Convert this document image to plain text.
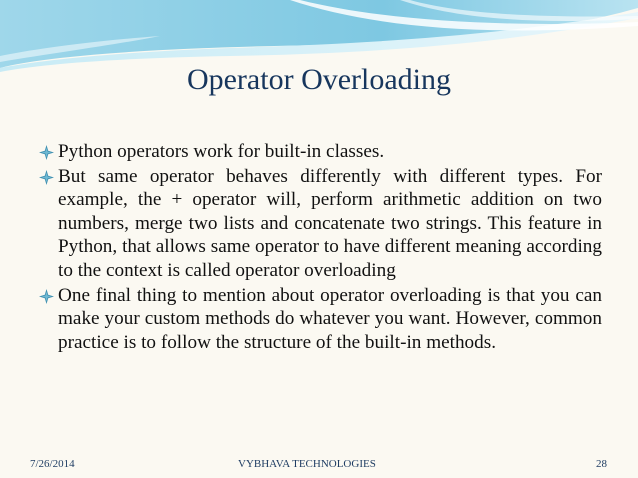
Operator Overloading
Python operators work for built-in classes.
But same operator behaves differently with different types. For example, the + operator will, perform arithmetic addition on two numbers, merge two lists and concatenate two strings. This feature in Python, that allows same operator to have different meaning according to the context is called operator overloading
One final thing to mention about operator overloading is that you can make your custom methods do whatever you want. However, common practice is to follow the structure of the built-in methods.
7/26/2014	VYBHAVA TECHNOLOGIES	28
